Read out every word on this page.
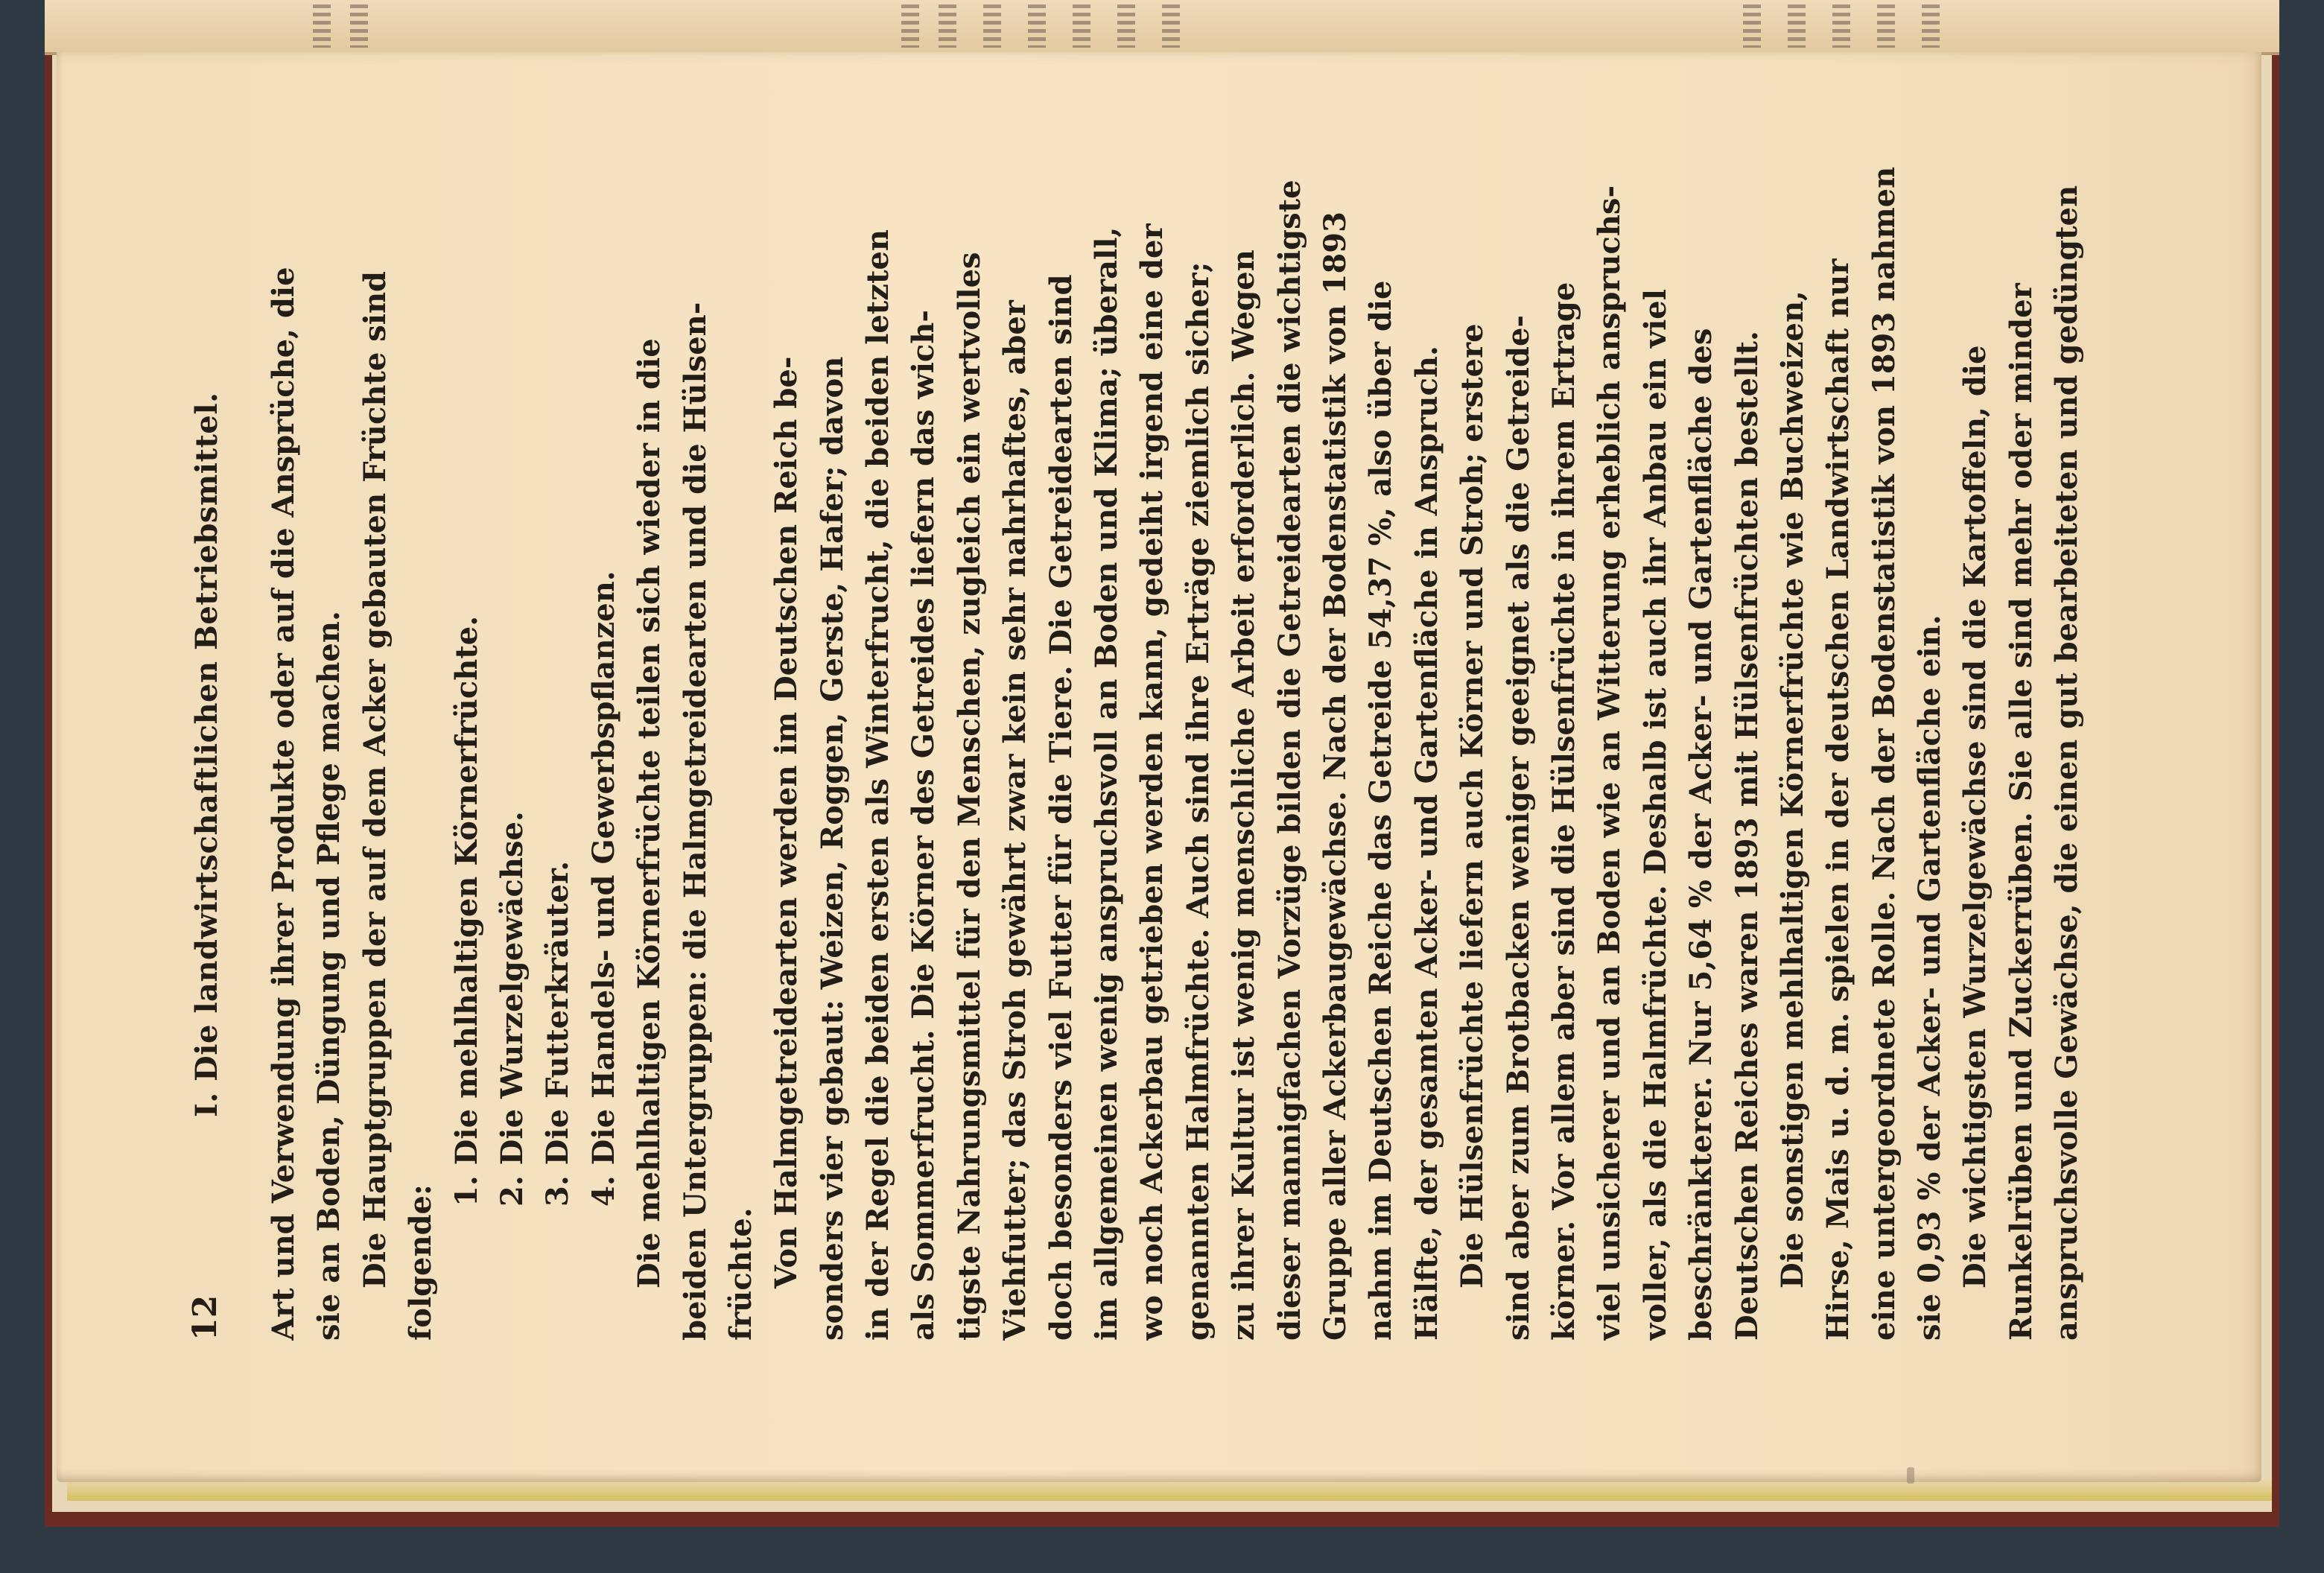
12
I. Die landwirtschaftlichen Betriebsmittel. Art und Verwendung ihrer Produkte oder auf die Ansprüche, die sie an Boden, Düngung und Pflege machen. Die Hauptgruppen der auf dem Acker gebauten Früchte sind folgende:
1. Die mehlhaltigen Körnerfrüchte. 2. Die Wurzelgewächse. 3. Die Futterkräuter. 4. Die Handels- und Gewerbspflanzen. Die mehlhaltigen Körnerfrüchte teilen sich wieder in die beiden Untergruppen: die Halmgetreidearten und die Hülsen- früchte. Von Halmgetreidearten werden im Deutschen Reich be- sonders vier gebaut: Weizen, Roggen, Gerste, Hafer; davon in der Regel die beiden ersten als Winterfrucht, die beiden letzten als Sommerfrucht. Die Körner des Getreides liefern das wich- tigste Nahrungsmittel für den Menschen, zugleich ein wertvolles Viehfutter; das Stroh gewährt zwar kein sehr nahrhaftes, aber doch besonders viel Futter für die Tiere. Die Getreidearten sind im allgemeinen wenig anspruchsvoll an Boden und Klima; überall, wo noch Ackerbau getrieben werden kann, gedeiht irgend eine der genannten Halmfrüchte. Auch sind ihre Erträge ziemlich sicher; zu ihrer Kultur ist wenig menschliche Arbeit erforderlich. Wegen dieser mannigfachen Vorzüge bilden die Getreidearten die wichtigste Gruppe aller Ackerbaugewächse. Nach der Bodenstatistik von 1893 nahm im Deutschen Reiche das Getreide 54,37 %, also über die Hälfte, der gesamten Acker- und Gartenfläche in Anspruch. Die Hülsenfrüchte liefern auch Körner und Stroh; erstere sind aber zum Brotbacken weniger geeignet als die Getreide- körner. Vor allem aber sind die Hülsenfrüchte in ihrem Ertrage viel unsicherer und an Boden wie an Witterung erheblich anspruchs- voller, als die Halmfrüchte. Deshalb ist auch ihr Anbau ein viel beschränkterer. Nur 5,64 % der Acker- und Gartenfläche des Deutschen Reiches waren 1893 mit Hülsenfrüchten bestellt. Die sonstigen mehlhaltigen Körnerfrüchte wie Buchweizen, Hirse, Mais u. d. m. spielen in der deutschen Landwirtschaft nur eine untergeordnete Rolle. Nach der Bodenstatistik von 1893 nahmen sie 0,93 % der Acker- und Gartenfläche ein. Die wichtigsten Wurzelgewächse sind die Kartoffeln, die Runkelrüben und Zuckerrüben. Sie alle sind mehr oder minder anspruchsvolle Gewächse, die einen gut bearbeiteten und gedüngten
